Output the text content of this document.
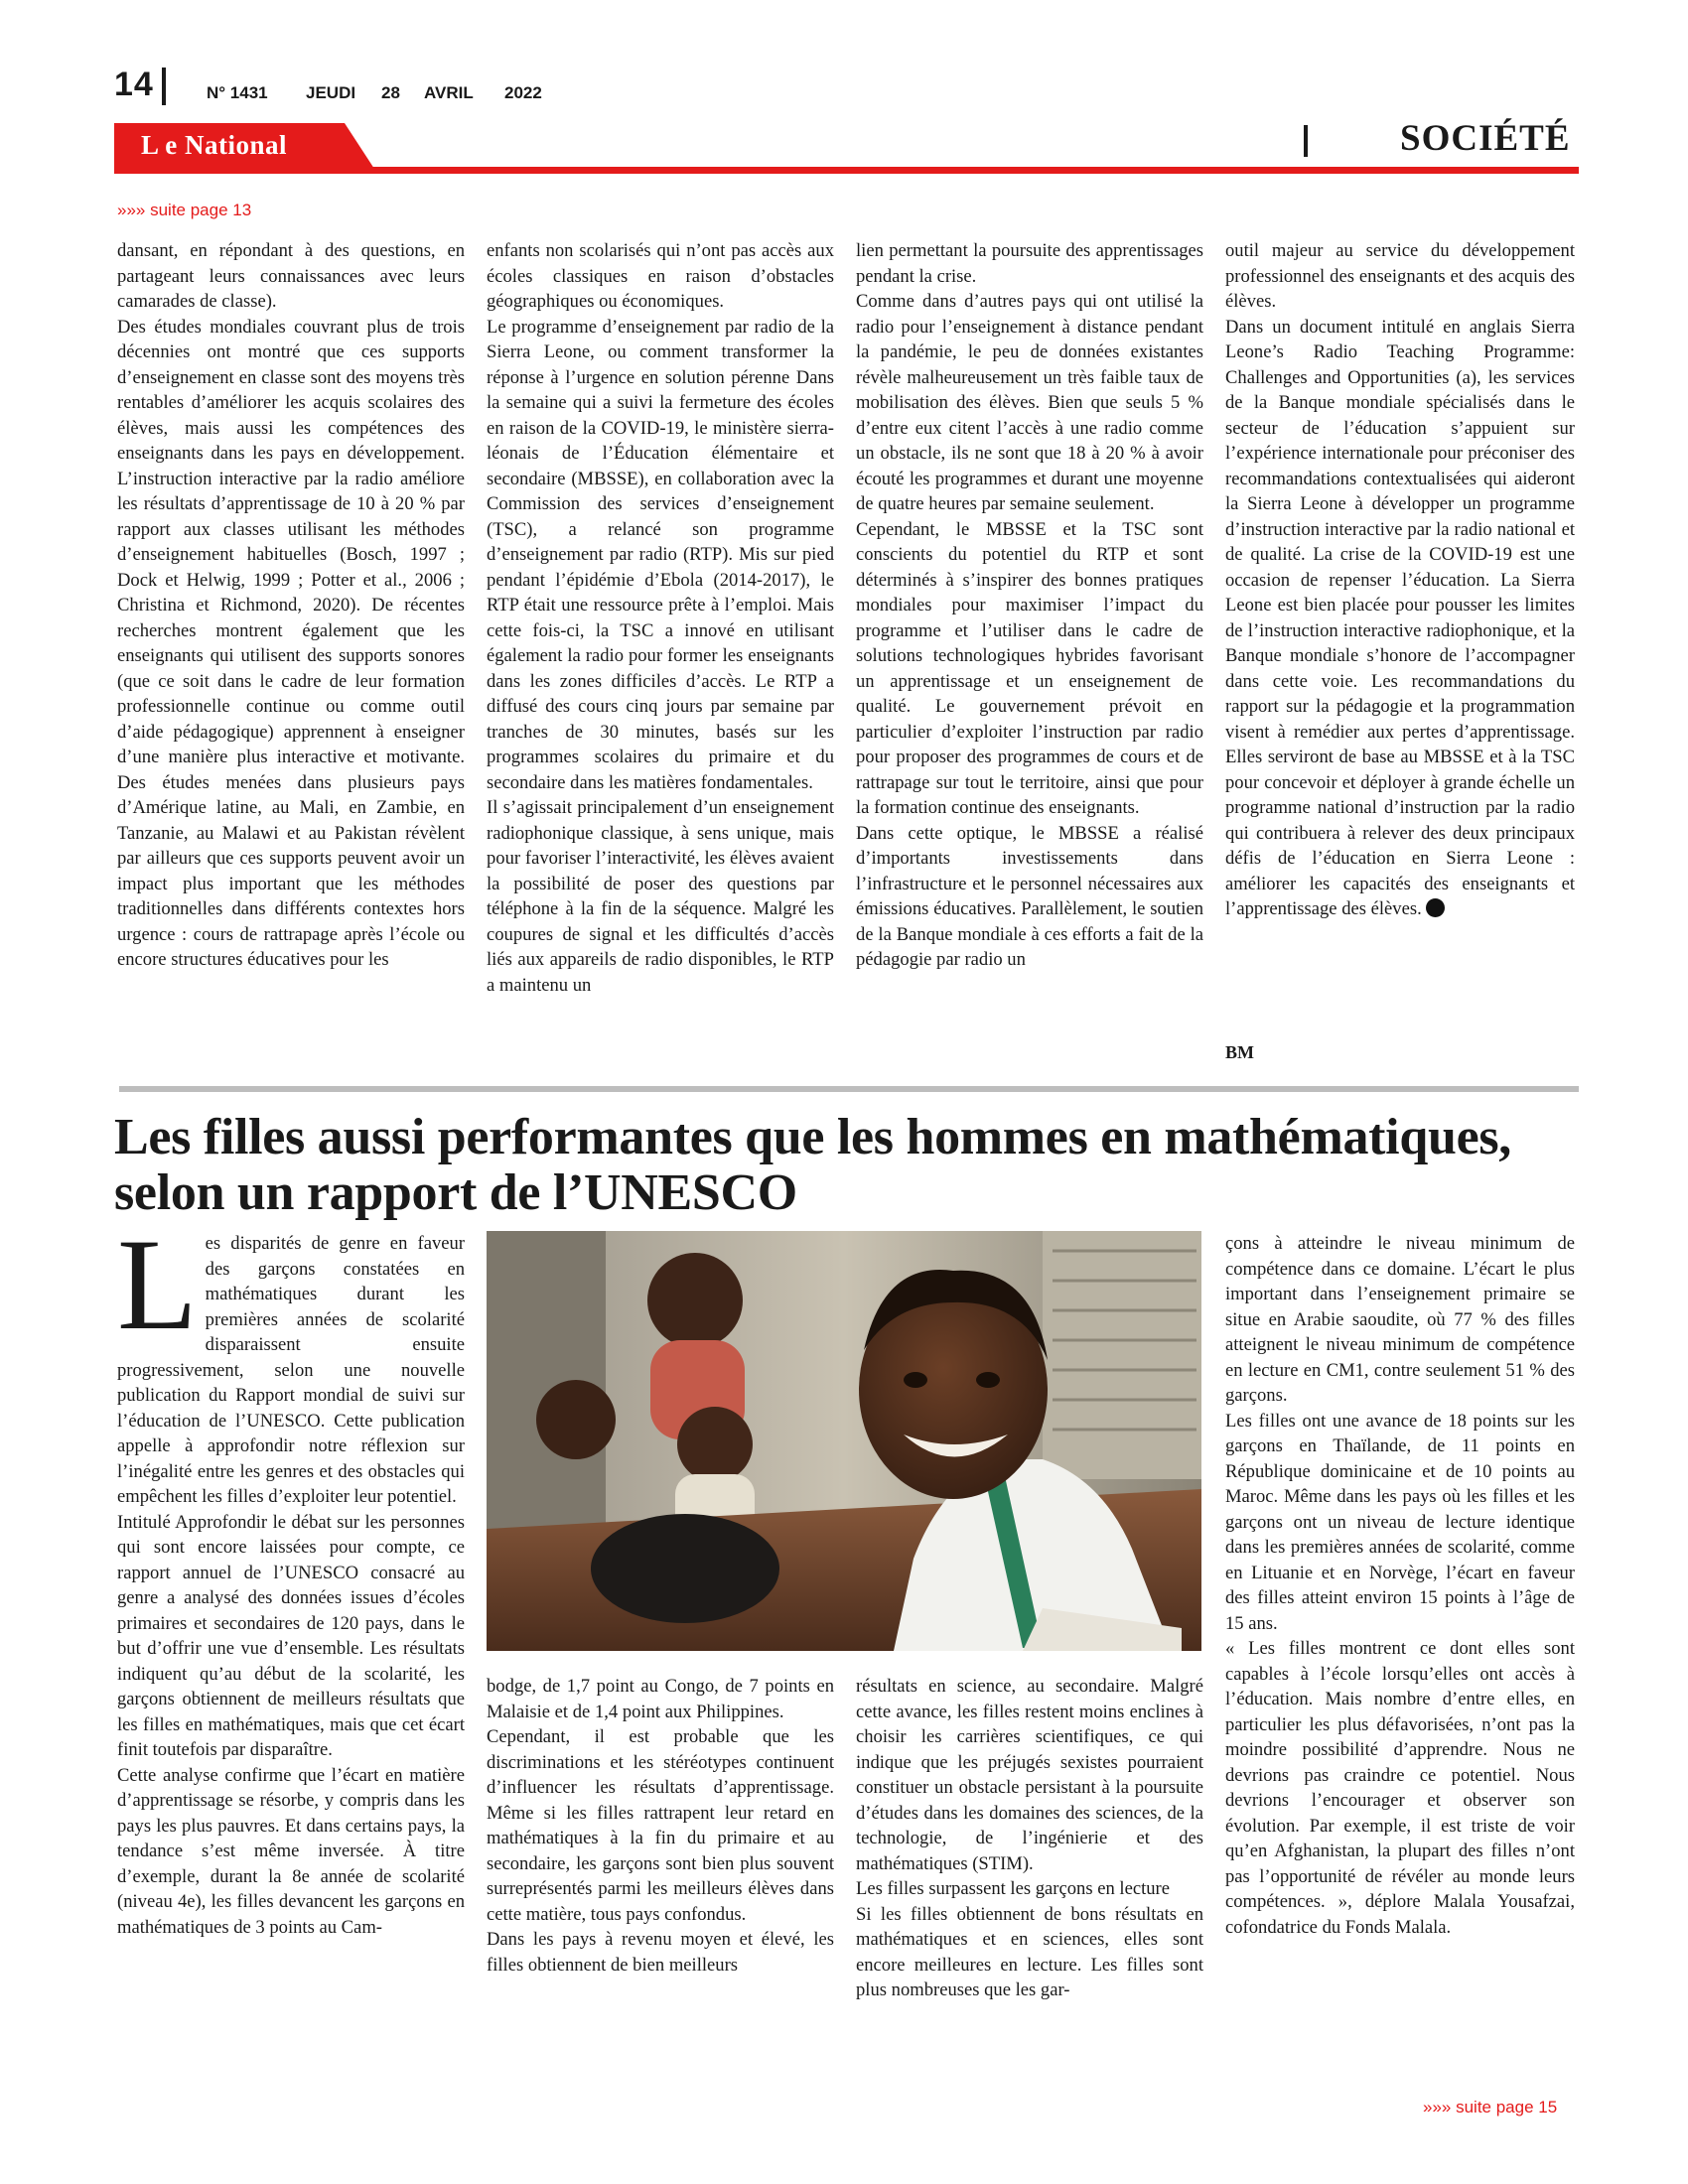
14	N° 1431 JEUDI 28 AVRIL 2022
L e National	SOCIÉTÉ
»»» suite page 13

dansant, en répondant à des questions, en partageant leurs connaissances avec leurs camarades de classe).

Des études mondiales couvrant plus de trois décennies ont montré que ces supports d’enseignement en classe sont des moyens très rentables d’améliorer les acquis scolaires des élèves, mais aussi les compétences des enseignants dans les pays en développement. L’instruction interactive par la radio améliore les résultats d’apprentissage de 10 à 20 % par rapport aux classes utilisant les méthodes d’enseignement habituelles (Bosch, 1997 ; Dock et Helwig, 1999 ; Potter et al., 2006 ; Christina et Richmond, 2020). De récentes recherches montrent également que les enseignants qui utilisent des supports sonores (que ce soit dans le cadre de leur formation professionnelle continue ou comme outil d’aide pédagogique) apprennent à enseigner d’une manière plus interactive et motivante. Des études menées dans plusieurs pays d’Amérique latine, au Mali, en Zambie, en Tanzanie, au Malawi et au Pakistan révèlent par ailleurs que ces supports peuvent avoir un impact plus important que les méthodes traditionnelles dans différents contextes hors urgence : cours de rattrapage après l’école ou encore structures éducatives pour les

enfants non scolarisés qui n’ont pas accès aux écoles classiques en raison d’obstacles géographiques ou économiques.

Le programme d’enseignement par radio de la Sierra Leone, ou comment transformer la réponse à l’urgence en solution pérenne Dans la semaine qui a suivi la fermeture des écoles en raison de la COVID-19, le ministère sierra-léonais de l’Éducation élémentaire et secondaire (MBSSE), en collaboration avec la Commission des services d’enseignement (TSC), a relancé son programme d’enseignement par radio (RTP). Mis sur pied pendant l’épidémie d’Ebola (2014-2017), le RTP était une ressource prête à l’emploi. Mais cette fois-ci, la TSC a innové en utilisant également la radio pour former les enseignants dans les zones difficiles d’accès. Le RTP a diffusé des cours cinq jours par semaine par tranches de 30 minutes, basés sur les programmes scolaires du primaire et du secondaire dans les matières fondamentales.

Il s’agissait principalement d’un enseignement radiophonique classique, à sens unique, mais pour favoriser l’interactivité, les élèves avaient la possibilité de poser des questions par téléphone à la fin de la séquence. Malgré les coupures de signal et les difficultés d’accès liés aux appareils de radio disponibles, le RTP a maintenu un

lien permettant la poursuite des apprentissages pendant la crise.

Comme dans d’autres pays qui ont utilisé la radio pour l’enseignement à distance pendant la pandémie, le peu de données existantes révèle malheureusement un très faible taux de mobilisation des élèves. Bien que seuls 5 % d’entre eux citent l’accès à une radio comme un obstacle, ils ne sont que 18 à 20 % à avoir écouté les programmes et durant une moyenne de quatre heures par semaine seulement.

Cependant, le MBSSE et la TSC sont conscients du potentiel du RTP et sont déterminés à s’inspirer des bonnes pratiques mondiales pour maximiser l’impact du programme et l’utiliser dans le cadre de solutions technologiques hybrides favorisant un apprentissage et un enseignement de qualité. Le gouvernement prévoit en particulier d’exploiter l’instruction par radio pour proposer des programmes de cours et de rattrapage sur tout le territoire, ainsi que pour la formation continue des enseignants.

Dans cette optique, le MBSSE a réalisé d’importants investissements dans l’infrastructure et le personnel nécessaires aux émissions éducatives. Parallèlement, le soutien de la Banque mondiale à ces efforts a fait de la pédagogie par radio un

outil majeur au service du développement professionnel des enseignants et des acquis des élèves.

Dans un document intitulé en anglais Sierra Leone’s Radio Teaching Programme: Challenges and Opportunities (a), les services de la Banque mondiale spécialisés dans le secteur de l’éducation s’appuient sur l’expérience internationale pour préconiser des recommandations contextualisées qui aideront la Sierra Leone à développer un programme d’instruction interactive par la radio national et de qualité. La crise de la COVID-19 est une occasion de repenser l’éducation. La Sierra Leone est bien placée pour pousser les limites de l’instruction interactive radiophonique, et la Banque mondiale s’honore de l’accompagner dans cette voie. Les recommandations du rapport sur la pédagogie et la programmation visent à remédier aux pertes d’apprentissage. Elles serviront de base au MBSSE et à la TSC pour concevoir et déployer à grande échelle un programme national d’instruction par la radio qui contribuera à relever des deux principaux défis de l’éducation en Sierra Leone : améliorer les capacités des enseignants et l’apprentissage des élèves.

BM
Les filles aussi performantes que les hommes en mathématiques, selon un rapport de l’UNESCO

Les disparités de genre en faveur des garçons constatées en mathématiques durant les premières années de scolarité disparaissent ensuite progressivement, selon une nouvelle publication du Rapport mondial de suivi sur l’éducation de l’UNESCO. Cette publication appelle à approfondir notre réflexion sur l’inégalité entre les genres et des obstacles qui empêchent les filles d’exploiter leur potentiel.

Intitulé Approfondir le débat sur les personnes qui sont encore laissées pour compte, ce rapport annuel de l’UNESCO consacré au genre a analysé des données issues d’écoles primaires et secondaires de 120 pays, dans le but d’offrir une vue d’ensemble. Les résultats indiquent qu’au début de la scolarité, les garçons obtiennent de meilleurs résultats que les filles en mathématiques, mais que cet écart finit toutefois par disparaître.

Cette analyse confirme que l’écart en matière d’apprentissage se résorbe, y compris dans les pays les plus pauvres. Et dans certains pays, la tendance s’est même inversée. À titre d’exemple, durant la 8e année de scolarité (niveau 4e), les filles devancent les garçons en mathématiques de 3 points au Cam-

bodge, de 1,7 point au Congo, de 7 points en Malaisie et de 1,4 point aux Philippines.

Cependant, il est probable que les discriminations et les stéréotypes continuent d’influencer les résultats d’apprentissage. Même si les filles rattrapent leur retard en mathématiques à la fin du primaire et au secondaire, les garçons sont bien plus souvent surreprésentés parmi les meilleurs élèves dans cette matière, tous pays confondus.

Dans les pays à revenu moyen et élevé, les filles obtiennent de bien meilleurs

résultats en science, au secondaire. Malgré cette avance, les filles restent moins enclines à choisir les carrières scientifiques, ce qui indique que les préjugés sexistes pourraient constituer un obstacle persistant à la poursuite d’études dans les domaines des sciences, de la technologie, de l’ingénierie et des mathématiques (STIM).

Les filles surpassent les garçons en lecture

Si les filles obtiennent de bons résultats en mathématiques et en sciences, elles sont encore meilleures en lecture. Les filles sont plus nombreuses que les gar-

çons à atteindre le niveau minimum de compétence dans ce domaine. L’écart le plus important dans l’enseignement primaire se situe en Arabie saoudite, où 77 % des filles atteignent le niveau minimum de compétence en lecture en CM1, contre seulement 51 % des garçons.

Les filles ont une avance de 18 points sur les garçons en Thaïlande, de 11 points en République dominicaine et de 10 points au Maroc. Même dans les pays où les filles et les garçons ont un niveau de lecture identique dans les premières années de scolarité, comme en Lituanie et en Norvège, l’écart en faveur des filles atteint environ 15 points à l’âge de 15 ans.

« Les filles montrent ce dont elles sont capables à l’école lorsqu’elles ont accès à l’éducation. Mais nombre d’entre elles, en particulier les plus défavorisées, n’ont pas la moindre possibilité d’apprendre. Nous ne devrions pas craindre ce potentiel. Nous devrions l’encourager et observer son évolution. Par exemple, il est triste de voir qu’en Afghanistan, la plupart des filles n’ont pas l’opportunité de révéler au monde leurs compétences. », déplore Malala Yousafzai, cofondatrice du Fonds Malala.

»»» suite page 15
